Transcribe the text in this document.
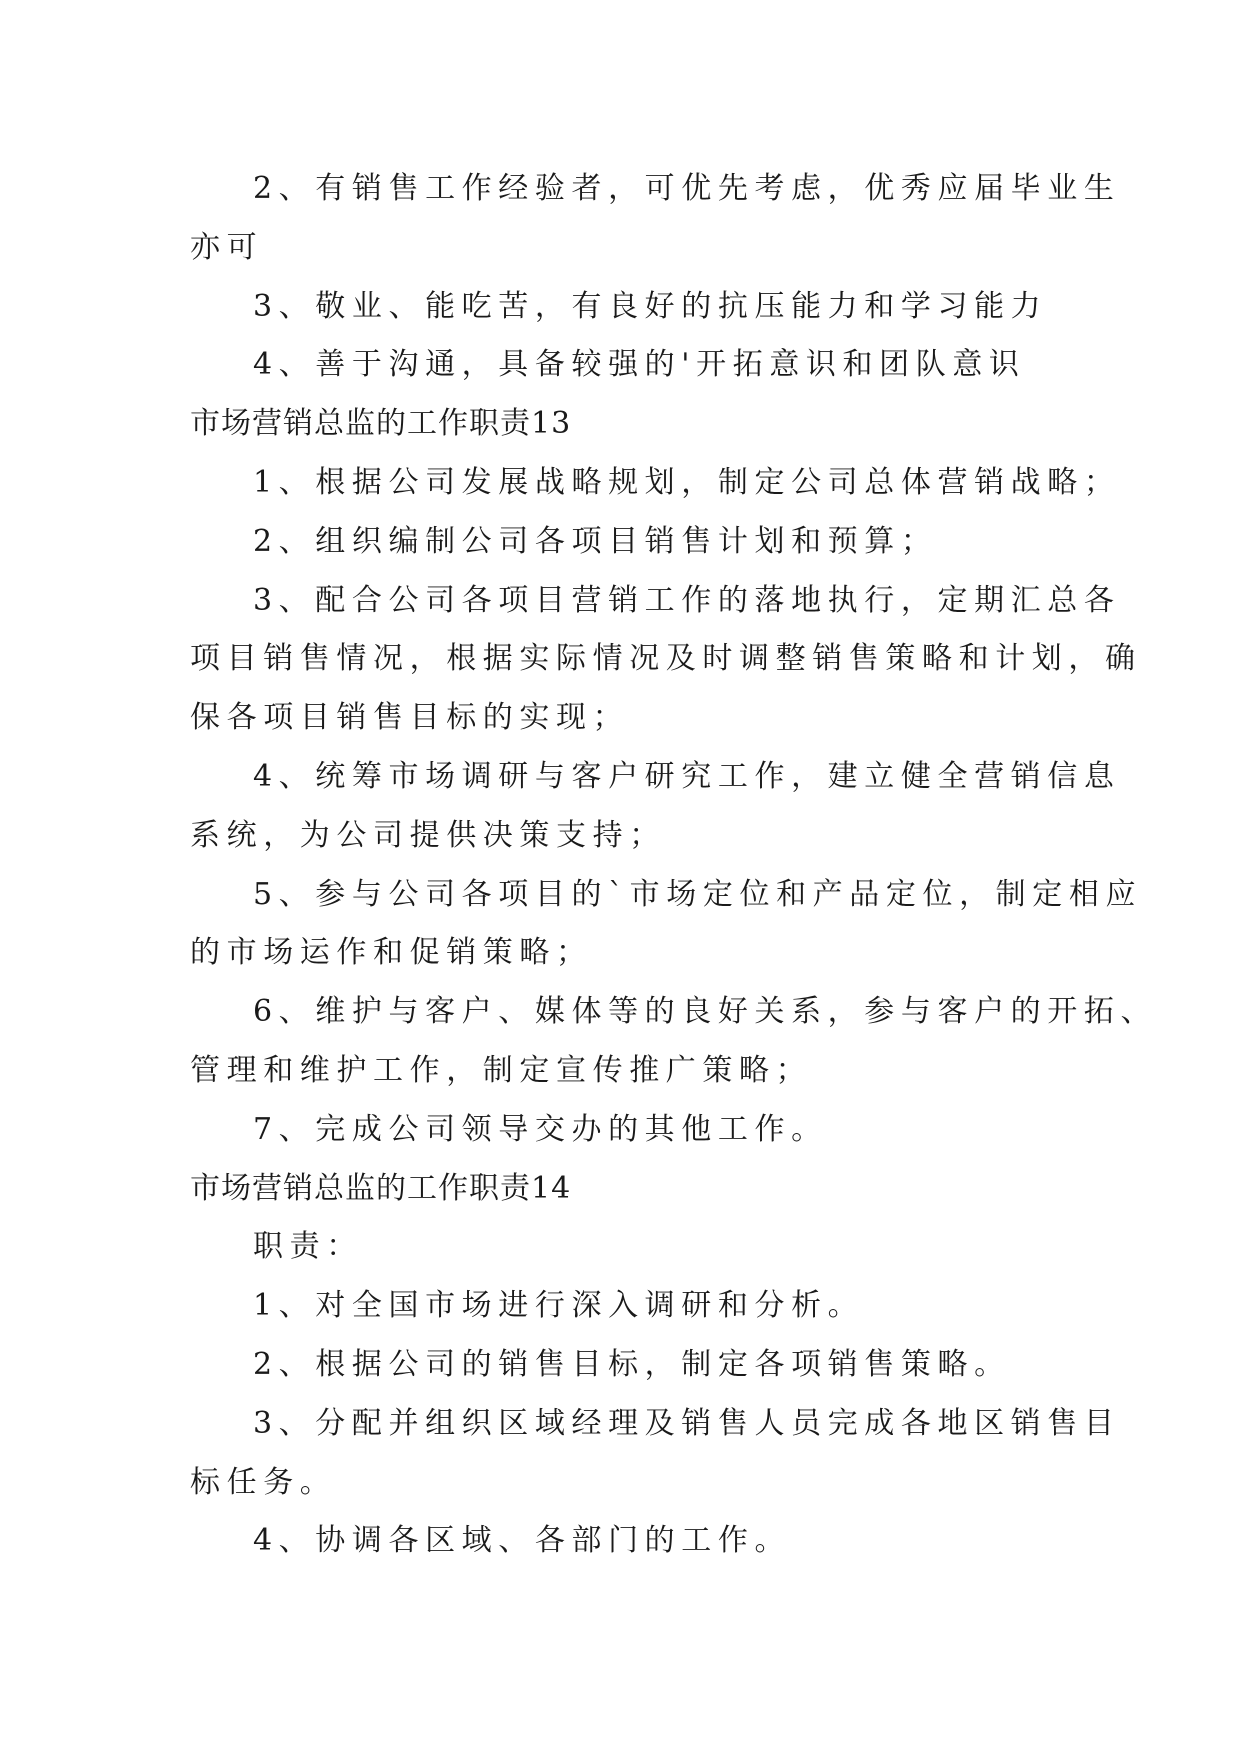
2、有销售工作经验者，可优先考虑，优秀应届毕业生
亦可
3、敬业、能吃苦，有良好的抗压能力和学习能力
4、善于沟通，具备较强的'开拓意识和团队意识
市场营销总监的工作职责13
1、根据公司发展战略规划，制定公司总体营销战略；
2、组织编制公司各项目销售计划和预算；
3、配合公司各项目营销工作的落地执行，定期汇总各
项目销售情况，根据实际情况及时调整销售策略和计划，确
保各项目销售目标的实现；
4、统筹市场调研与客户研究工作，建立健全营销信息
系统，为公司提供决策支持；
5、参与公司各项目的`市场定位和产品定位，制定相应
的市场运作和促销策略；
6、维护与客户、媒体等的良好关系，参与客户的开拓、
管理和维护工作，制定宣传推广策略；
7、完成公司领导交办的其他工作。
市场营销总监的工作职责14
职责：
1、对全国市场进行深入调研和分析。
2、根据公司的销售目标，制定各项销售策略。
3、分配并组织区域经理及销售人员完成各地区销售目
标任务。
4、协调各区域、各部门的工作。
